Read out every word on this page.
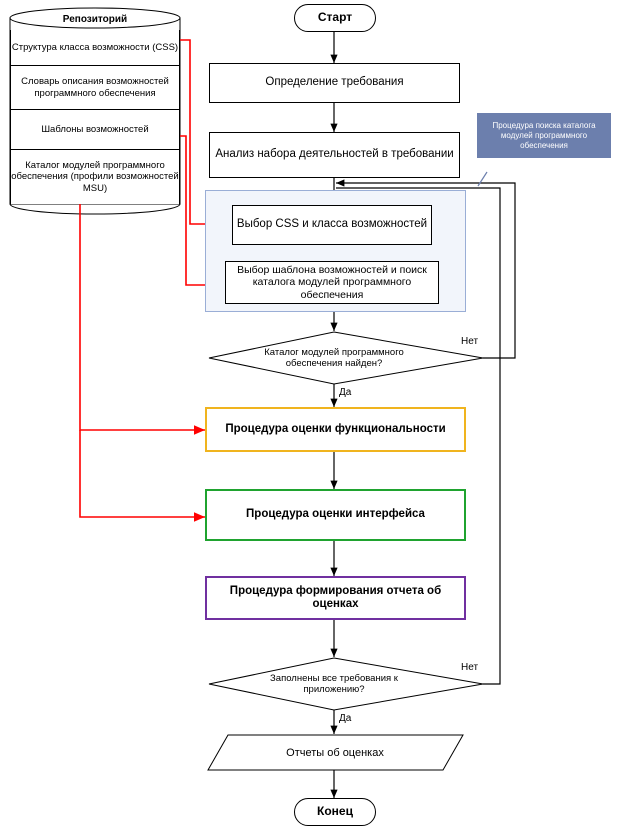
Репозиторий
Структура класса возможности (CSS)
Словарь описания возможностей программного обеспечения
Шаблоны возможностей
Каталог модулей программного обеспечения (профили возможностей MSU)
Старт
Определение требования
Анализ набора деятельностей в требовании
Выбор CSS и класса возможностей
Выбор шаблона возможностей и поиск каталога модулей программного обеспечения
Процедура поиска каталога модулей программного обеспечения
Каталог модулей программного обеспечения найден?
Нет
Да
Процедура оценки функциональности
Процедура оценки интерфейса
Процедура формирования отчета об оценках
Заполнены все требования к приложению?
Нет
Да
Отчеты об оценках
Конец
